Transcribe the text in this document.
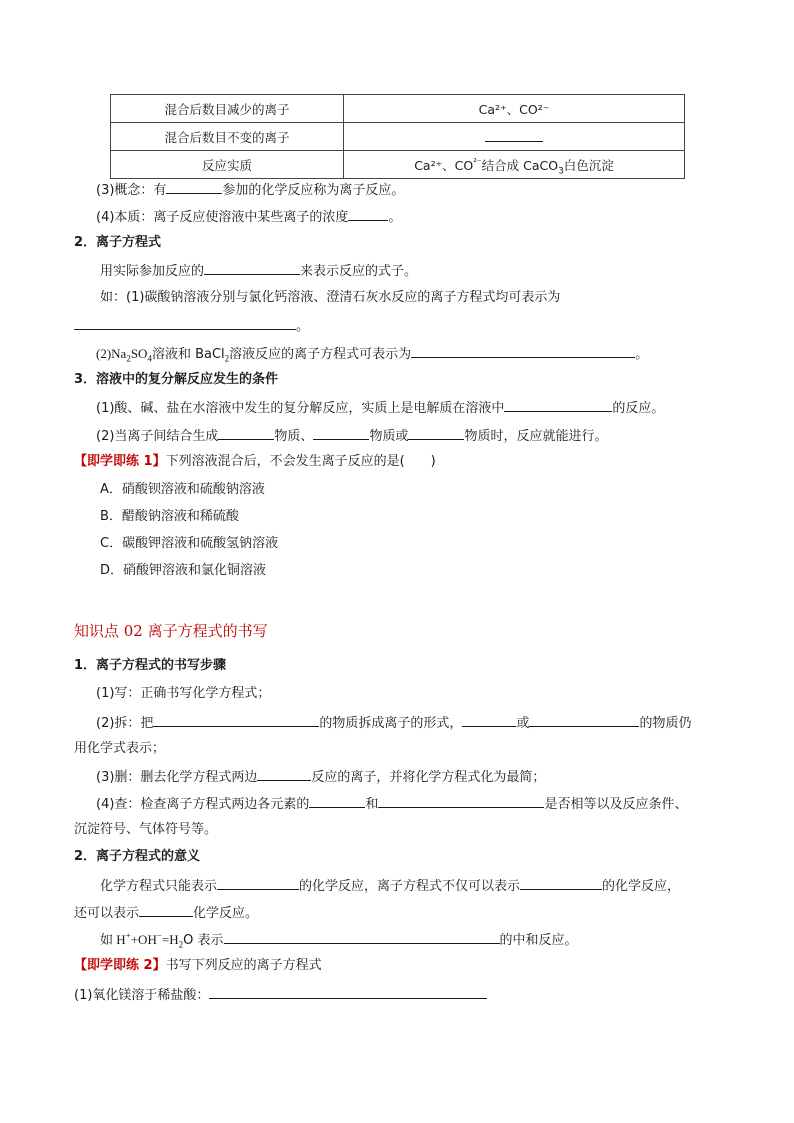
混合后数目减少的离子	Ca²⁺、CO²⁻
混合后数目不变的离子	
反应实质	Ca²⁺、$CO^{^{2-}}$结合成 CaCO$_3$白色沉淀
(3)概念：有	参加的化学反应称为离子反应。
(4)本质：离子反应使溶液中某些离子的浓度	。
2．离子方程式
用实际参加反应的	来表示反应的式子。
如：(1)碳酸钠溶液分别与氯化钙溶液、澄清石灰水反应的离子方程式均可表示为
。
$(2)Na_2SO_4$溶液和 BaCl$_2$溶液反应的离子方程式可表示为	。
3．溶液中的复分解反应发生的条件
(1)酸、碱、盐在水溶液中发生的复分解反应，实质上是电解质在溶液中	的反应。
(2)当离子间结合生成	物质、	物质或	物质时，反应就能进行。
【即学即练 1】下列溶液混合后，不会发生离子反应的是(　　)
A．硝酸钡溶液和硫酸钠溶液
B．醋酸钠溶液和稀硫酸
C．碳酸钾溶液和硫酸氢钠溶液
D．硝酸钾溶液和氯化铜溶液
知识点 02 离子方程式的书写
1．离子方程式的书写步骤
(1)写：正确书写化学方程式；
(2)拆：把	的物质拆成离子的形式，	或	的物质仍
用化学式表示；
(3)删：删去化学方程式两边	反应的离子，并将化学方程式化为最简；
(4)查：检查离子方程式两边各元素的	和	是否相等以及反应条件、
沉淀符号、气体符号等。
2．离子方程式的意义
化学方程式只能表示	的化学反应，离子方程式不仅可以表示	的化学反应，
还可以表示	化学反应。
如 $H^++OH^-=H_2O$ 表示	的中和反应。
【即学即练 2】书写下列反应的离子方程式
(1)氧化镁溶于稀盐酸：
